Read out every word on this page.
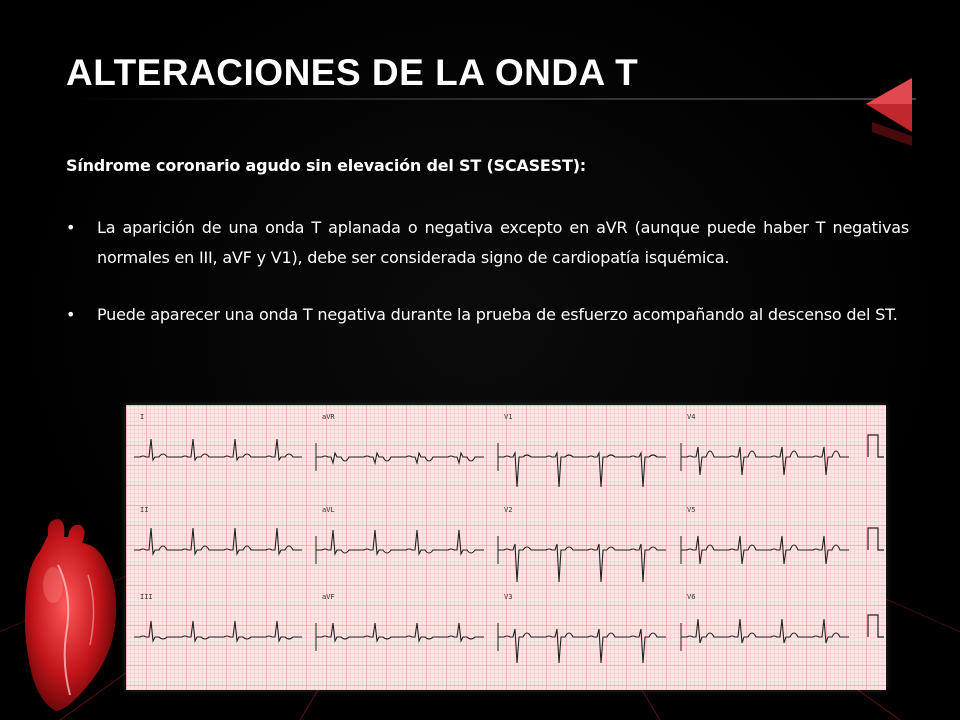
ALTERACIONES DE LA ONDA T

Síndrome coronario agudo sin elevación del ST (SCASEST):

• La aparición de una onda T aplanada o negativa excepto en aVR (aunque puede haber T negativas normales en III, aVF y V1), debe ser considerada signo de cardiopatía isquémica.
• Puede aparecer una onda T negativa durante la prueba de esfuerzo acompañando al descenso del ST.
I	aVR	V1	V4
II	aVL	V2	V5
III	aVF	V3	V6
